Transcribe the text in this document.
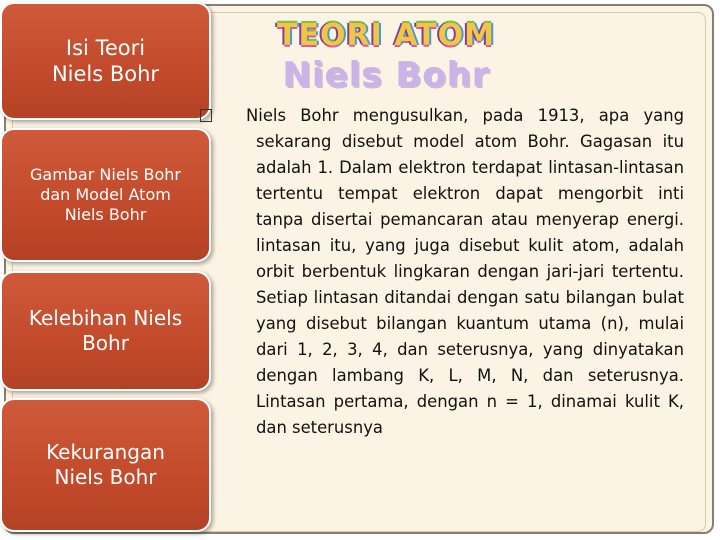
Isi Teori
Niels Bohr
Gambar Niels Bohr
dan Model Atom
Niels Bohr
Kelebihan Niels
Bohr
Kekurangan
Niels Bohr
TEORI ATOM
Niels Bohr
Niels Bohr mengusulkan, pada 1913, apa yang sekarang disebut model atom Bohr. Gagasan itu adalah 1. Dalam elektron terdapat lintasan-lintasan tertentu tempat elektron dapat mengorbit inti tanpa disertai pemancaran atau menyerap energi. lintasan itu, yang juga disebut kulit atom, adalah orbit berbentuk lingkaran dengan jari-jari tertentu. Setiap lintasan ditandai dengan satu bilangan bulat yang disebut bilangan kuantum utama (n), mulai dari 1, 2, 3, 4, dan seterusnya, yang dinyatakan dengan lambang K, L, M, N, dan seterusnya. Lintasan pertama, dengan n = 1, dinamai kulit K, dan seterusnya
